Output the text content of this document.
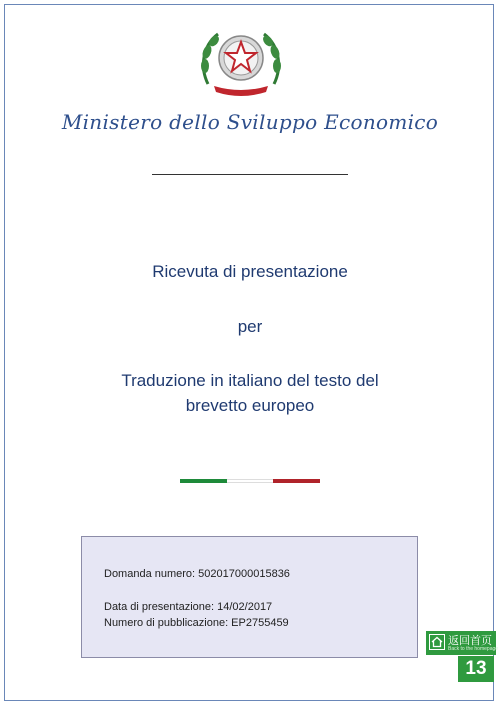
Ministero dello Sviluppo Economico
Ricevuta di presentazione
per
Traduzione in italiano del testo del
brevetto europeo
Domanda numero: 502017000015836
Data di presentazione: 14/02/2017
Numero di pubblicazione: EP2755459
返回首页
Back to the homepage
13
